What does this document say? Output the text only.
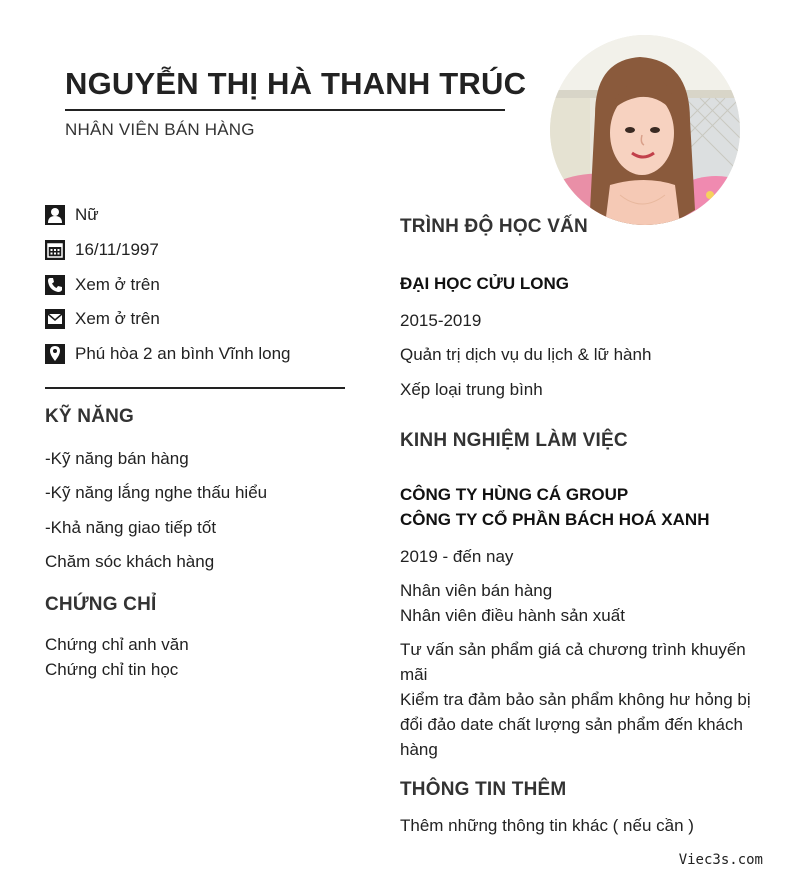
NGUYỄN THỊ HÀ THANH TRÚC
NHÂN VIÊN BÁN HÀNG
Nữ
16/11/1997
Xem ở trên
Xem ở trên
Phú hòa 2 an bình Vĩnh long
KỸ NĂNG
-Kỹ năng bán hàng
-Kỹ năng lắng nghe thấu hiểu
-Khả năng giao tiếp tốt
Chăm sóc khách hàng
CHỨNG CHỈ
Chứng chỉ anh văn
Chứng chỉ tin học
TRÌNH ĐỘ HỌC VẤN
ĐẠI HỌC CỬU LONG
2015-2019
Quản trị dịch vụ du lịch & lữ hành
Xếp loại trung bình
KINH NGHIỆM LÀM VIỆC
CÔNG TY HÙNG CÁ GROUP
CÔNG TY CỔ PHẦN BÁCH HOÁ XANH
2019 - đến nay
Nhân viên bán hàng
Nhân viên điều hành sản xuất
Tư vấn sản phẩm giá cả chương trình khuyến mãi
Kiểm tra đảm bảo sản phẩm không hư hỏng bị đổi đảo date chất lượng sản phẩm đến khách hàng
THÔNG TIN THÊM
Thêm những thông tin khác ( nếu cần )
Viec3s.com
